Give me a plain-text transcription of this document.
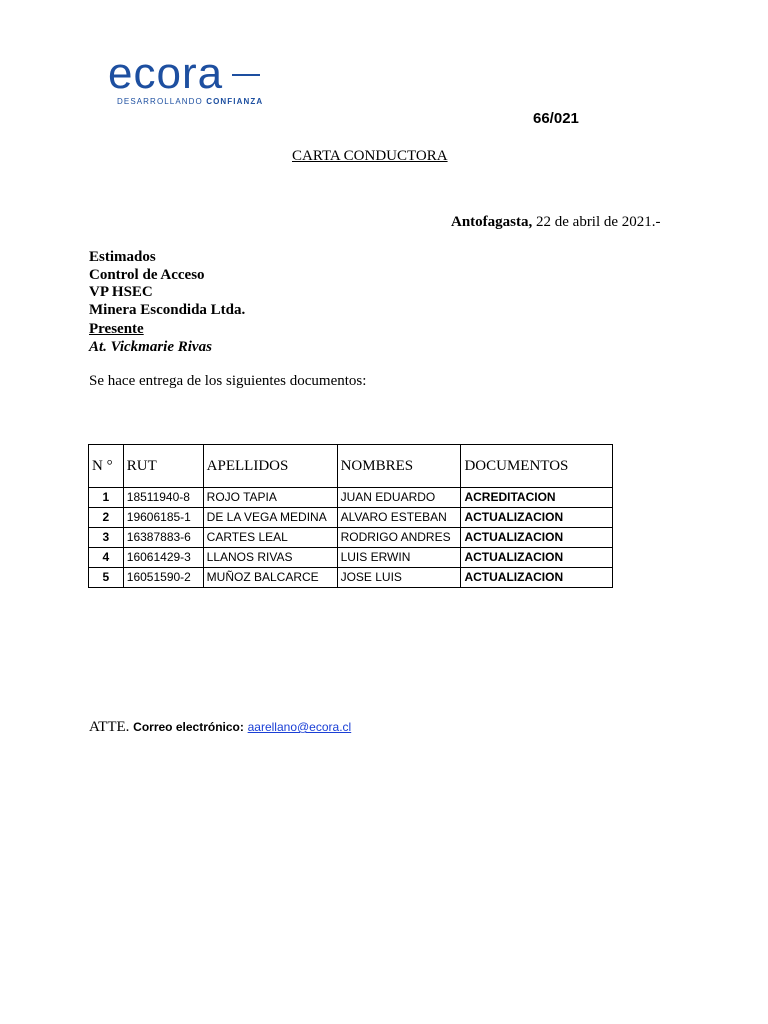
ecora
DESARROLLANDO CONFIANZA
66/021
CARTA CONDUCTORA
Antofagasta, 22 de abril de 2021.-
Estimados
Control de Acceso
VP HSEC
Minera Escondida Ltda.
Presente
At. Vickmarie Rivas
Se hace entrega de los siguientes documentos:
N °	RUT	APELLIDOS	NOMBRES	DOCUMENTOS
1	18511940-8	ROJO TAPIA	JUAN EDUARDO	ACREDITACION
2	19606185-1	DE LA VEGA MEDINA	ALVARO ESTEBAN	ACTUALIZACION
3	16387883-6	CARTES LEAL	RODRIGO ANDRES	ACTUALIZACION
4	16061429-3	LLANOS RIVAS	LUIS ERWIN	ACTUALIZACION
5	16051590-2	MUÑOZ BALCARCE	JOSE LUIS	ACTUALIZACION
ATTE. Correo electrónico: aarellano@ecora.cl
